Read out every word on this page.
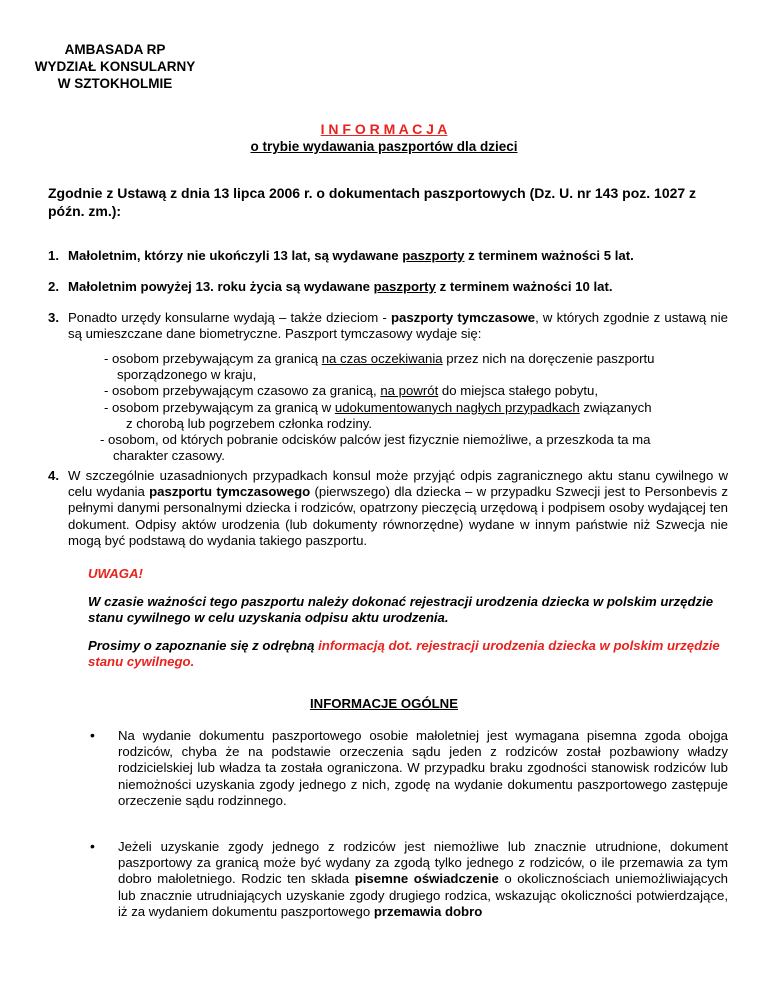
AMBASADA RP
WYDZIAŁ KONSULARNY
W SZTOKHOLMIE
I N F O R M A C J A
o trybie wydawania paszportów dla dzieci
Zgodnie z Ustawą z dnia 13 lipca 2006 r. o dokumentach paszportowych (Dz. U. nr 143 poz. 1027 z późn. zm.):
1. Małoletnim, którzy nie ukończyli 13 lat, są wydawane paszporty z terminem ważności 5 lat.
2. Małoletnim powyżej 13. roku życia są wydawane paszporty z terminem ważności 10 lat.
3. Ponadto urzędy konsularne wydają – także dzieciom - paszporty tymczasowe, w których zgodnie z ustawą nie są umieszczane dane biometryczne. Paszport tymczasowy wydaje się:
- osobom przebywającym za granicą na czas oczekiwania przez nich na doręczenie paszportu
sporządzonego w kraju,
- osobom przebywającym czasowo za granicą, na powrót do miejsca stałego pobytu,
- osobom przebywającym za granicą w udokumentowanych nagłych przypadkach związanych
z chorobą lub pogrzebem członka rodziny.
- osobom, od których pobranie odcisków palców jest fizycznie niemożliwe, a przeszkoda ta ma
charakter czasowy.
4. W szczególnie uzasadnionych przypadkach konsul może przyjąć odpis zagranicznego aktu stanu cywilnego w celu wydania paszportu tymczasowego (pierwszego) dla dziecka – w przypadku Szwecji jest to Personbevis z pełnymi danymi personalnymi dziecka i rodziców, opatrzony pieczęcią urzędową i podpisem osoby wydającej ten dokument. Odpisy aktów urodzenia (lub dokumenty równorzędne) wydane w innym państwie niż Szwecja nie mogą być podstawą do wydania takiego paszportu.
UWAGA!
W czasie ważności tego paszportu należy dokonać rejestracji urodzenia dziecka w polskim urzędzie stanu cywilnego w celu uzyskania odpisu aktu urodzenia.
Prosimy o zapoznanie się z odrębną informacją dot. rejestracji urodzenia dziecka w polskim urzędzie stanu cywilnego.
INFORMACJE OGÓLNE
• Na wydanie dokumentu paszportowego osobie małoletniej jest wymagana pisemna zgoda obojga rodziców, chyba że na podstawie orzeczenia sądu jeden z rodziców został pozbawiony władzy rodzicielskiej lub władza ta została ograniczona. W przypadku braku zgodności stanowisk rodziców lub niemożności uzyskania zgody jednego z nich, zgodę na wydanie dokumentu paszportowego zastępuje orzeczenie sądu rodzinnego.
• Jeżeli uzyskanie zgody jednego z rodziców jest niemożliwe lub znacznie utrudnione, dokument paszportowy za granicą może być wydany za zgodą tylko jednego z rodziców, o ile przemawia za tym dobro małoletniego. Rodzic ten składa pisemne oświadczenie o okolicznościach uniemożliwiających lub znacznie utrudniających uzyskanie zgody drugiego rodzica, wskazując okoliczności potwierdzające, iż za wydaniem dokumentu paszportowego przemawia dobro
